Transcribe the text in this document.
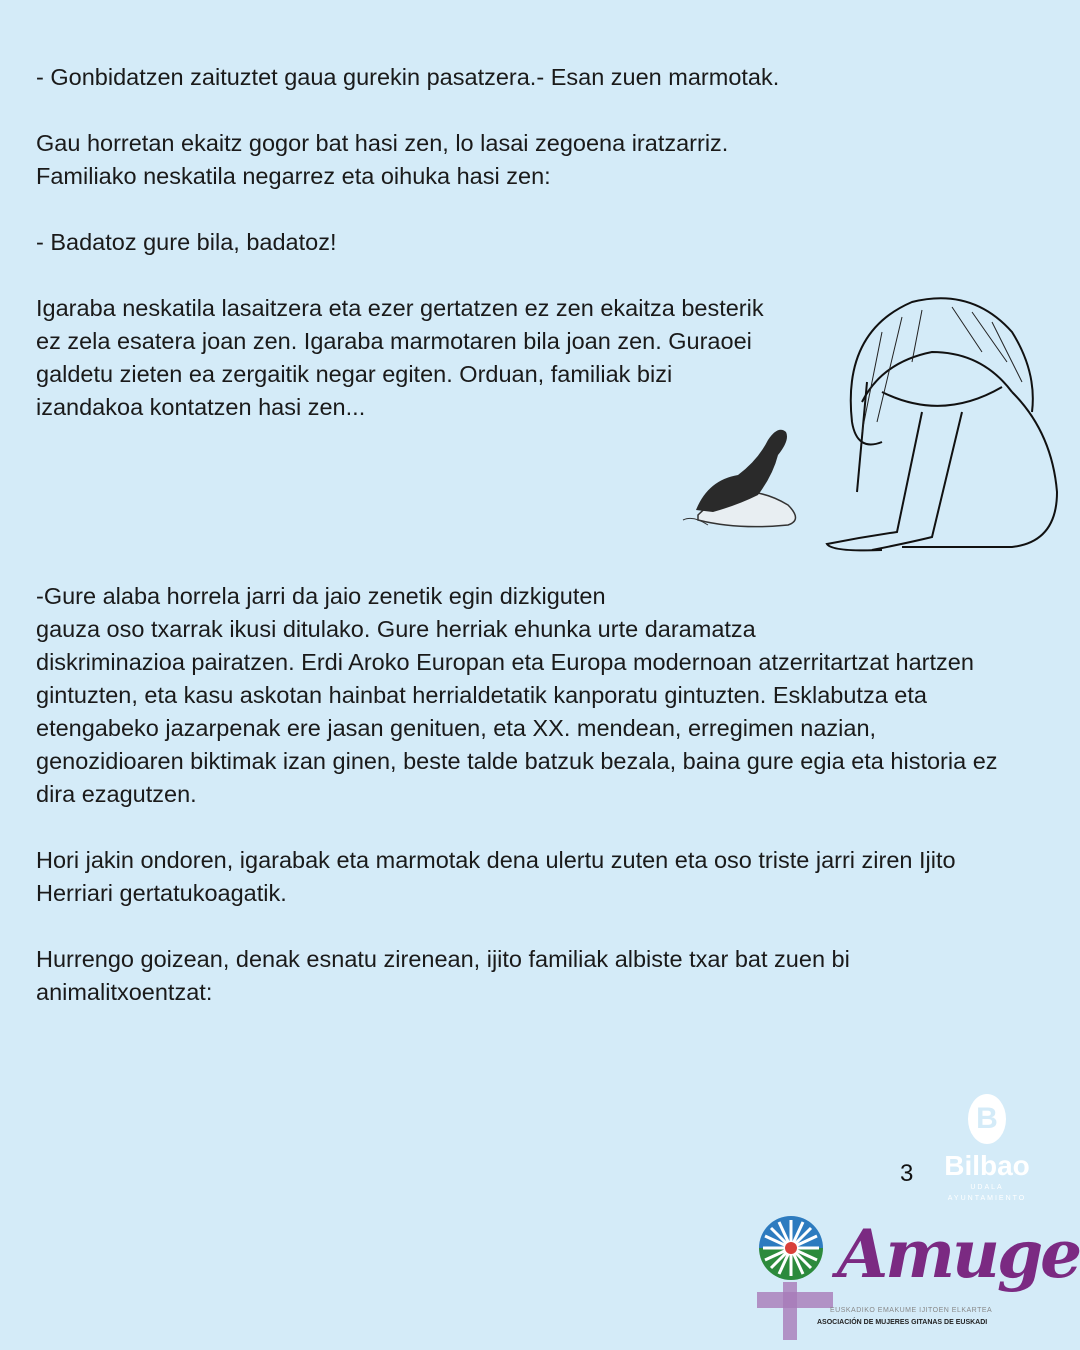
- Gonbidatzen zaituztet gaua gurekin pasatzera.- Esan zuen marmotak.

Gau horretan ekaitz gogor bat hasi zen, lo lasai zegoena iratzarriz.
Familiako neskatila negarrez eta oihuka hasi zen:

- Badatoz gure bila, badatoz!

Igaraba neskatila lasaitzera eta ezer gertatzen ez zen ekaitza besterik
ez zela esatera joan zen. Igaraba marmotaren bila joan zen. Guraoei
galdetu zieten ea zergaitik negar egiten. Orduan, familiak bizi
izandakoa kontatzen hasi zen...

-Gure alaba horrela jarri da jaio zenetik egin dizkiguten
gauza oso txarrak ikusi ditulako. Gure herriak ehunka urte daramatza
diskriminazioa pairatzen. Erdi Aroko Europan eta Europa modernoan atzerritartzat hartzen
gintuzten, eta kasu askotan hainbat herrialdetatik kanporatu gintuzten. Esklabutza eta
etengabeko jazarpenak ere jasan genituen, eta XX. mendean, erregimen nazian,
genozidioaren biktimak izan ginen, beste talde batzuk bezala, baina gure egia eta historia ez
dira ezagutzen.

Hori jakin ondoren, igarabak eta marmotak dena ulertu zuten eta oso triste jarri ziren Ijito
Herriari gertatukoagatik.

Hurrengo goizean, denak esnatu zirenean, ijito familiak albiste txar bat zuen bi
animalitxoentzat:

B
Bilbao
UDALA
AYUNTAMIENTO
Amuge
EUSKADIKO EMAKUME IJITOEN ELKARTEA
ASOCIACIÓN DE MUJERES GITANAS DE EUSKADI
3
